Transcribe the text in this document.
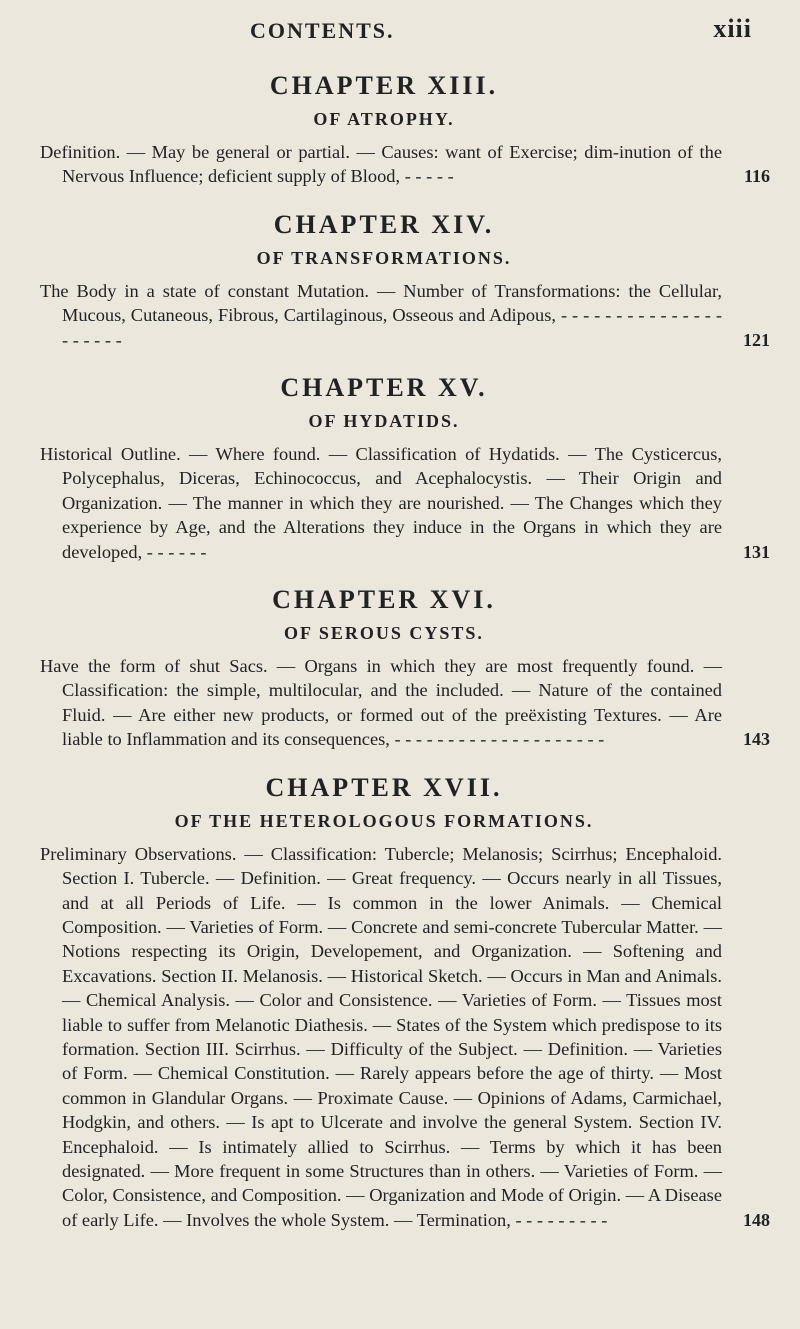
CONTENTS.	xiii
CHAPTER XIII.
OF ATROPHY.

Definition. — May be general or partial. — Causes: want of Exercise; dim-inution of the Nervous Influence; deficient supply of Blood, - - - - -	116

CHAPTER XIV.
OF TRANSFORMATIONS.

The Body in a state of constant Mutation. — Number of Transformations: the Cellular, Mucous, Cutaneous, Fibrous, Cartilaginous, Osseous and Adipous, - - - - - - - - - - - - - - - - - - - - -	121

CHAPTER XV.
OF HYDATIDS.

Historical Outline. — Where found. — Classification of Hydatids. — The Cysticercus, Polycephalus, Diceras, Echinococcus, and Acephalocystis. — Their Origin and Organization. — The manner in which they are nourished. — The Changes which they experience by Age, and the Alterations they induce in the Organs in which they are developed, - - - - - -	131

CHAPTER XVI.
OF SEROUS CYSTS.

Have the form of shut Sacs. — Organs in which they are most frequently found. — Classification: the simple, multilocular, and the included. — Nature of the contained Fluid. — Are either new products, or formed out of the preëxisting Textures. — Are liable to Inflammation and its consequences, - - - - - - - - - - - - - - - - - - - -	143

CHAPTER XVII.
OF THE HETEROLOGOUS FORMATIONS.

Preliminary Observations. — Classification: Tubercle; Melanosis; Scirrhus; Encephaloid. Section I. Tubercle. — Definition. — Great frequency. — Occurs nearly in all Tissues, and at all Periods of Life. — Is common in the lower Animals. — Chemical Composition. — Varieties of Form. — Concrete and semi-concrete Tubercular Matter. — Notions respecting its Origin, Developement, and Organization. — Softening and Excavations. Section II. Melanosis. — Historical Sketch. — Occurs in Man and Animals. — Chemical Analysis. — Color and Consistence. — Varieties of Form. — Tissues most liable to suffer from Melanotic Diathesis. — States of the System which predispose to its formation. Section III. Scirrhus. — Difficulty of the Subject. — Definition. — Varieties of Form. — Chemical Constitution. — Rarely appears before the age of thirty. — Most common in Glandular Organs. — Proximate Cause. — Opinions of Adams, Carmichael, Hodgkin, and others. — Is apt to Ulcerate and involve the general System. Section IV. Encephaloid. — Is intimately allied to Scirrhus. — Terms by which it has been designated. — More frequent in some Structures than in others. — Varieties of Form. — Color, Consistence, and Composition. — Organization and Mode of Origin. — A Disease of early Life. — Involves the whole System. — Termination, - - - - - - - - -	148
